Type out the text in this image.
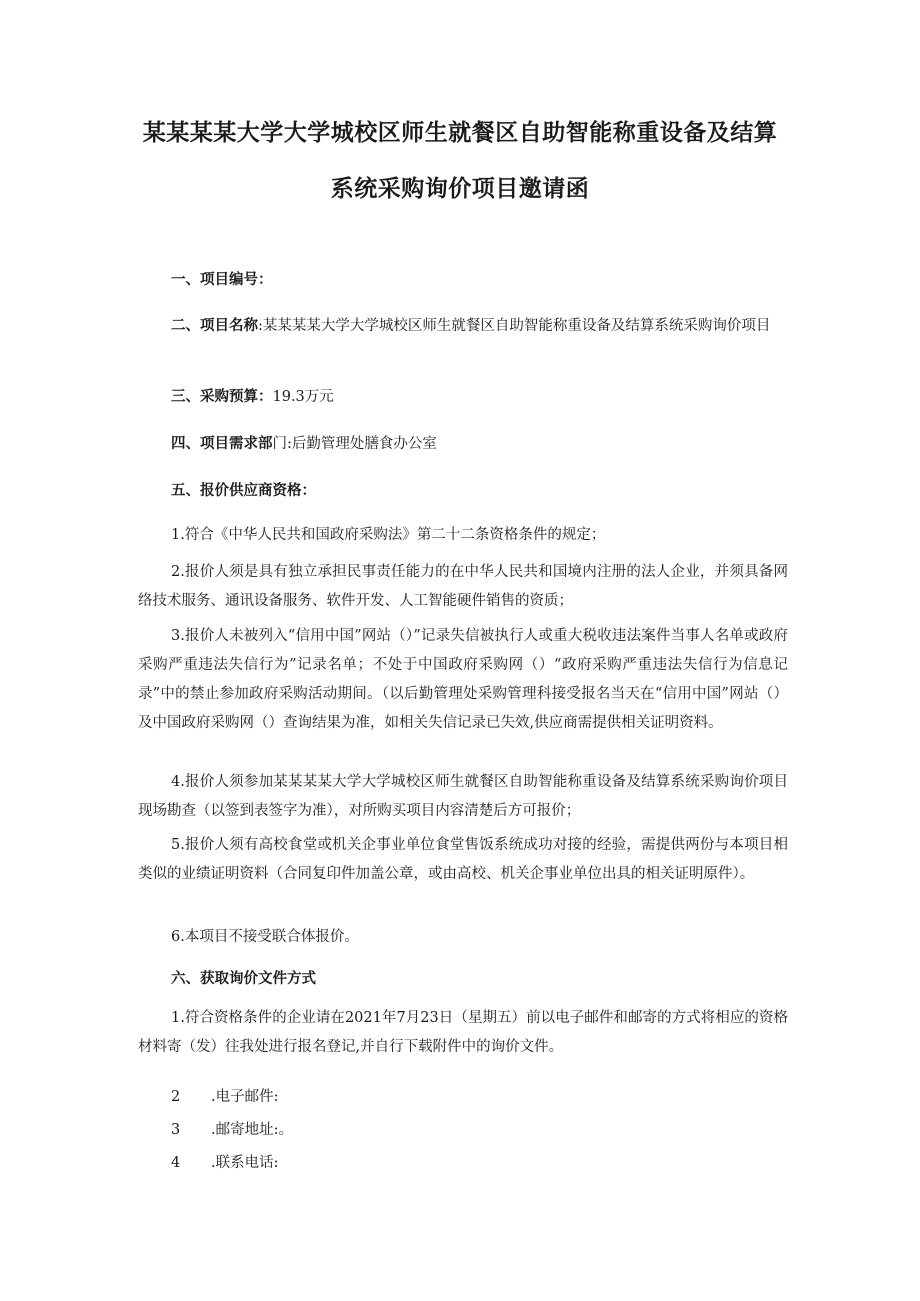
某某某某大学大学城校区师生就餐区自助智能称重设备及结算
系统采购询价项目邀请函
一、项目编号：
二、项目名称:某某某某大学大学城校区师生就餐区自助智能称重设备及结算系统采购询价项目
三、采购预算：19.3万元
四、项目需求部门:后勤管理处膳食办公室
五、报价供应商资格：
1.符合《中华人民共和国政府采购法》第二十二条资格条件的规定；
2.报价人须是具有独立承担民事责任能力的在中华人民共和国境内注册的法人企业，并须具备网络技术服务、通讯设备服务、软件开发、人工智能硬件销售的资质；
3.报价人未被列入“信用中国”网站（）”记录失信被执行人或重大税收违法案件当事人名单或政府采购严重违法失信行为”记录名单；不处于中国政府采购网（）“政府采购严重违法失信行为信息记录”中的禁止参加政府采购活动期间。（以后勤管理处采购管理科接受报名当天在“信用中国”网站（）及中国政府采购网（）查询结果为准，如相关失信记录已失效,供应商需提供相关证明资料。
4.报价人须参加某某某某大学大学城校区师生就餐区自助智能称重设备及结算系统采购询价项目现场勘查（以签到表签字为准），对所购买项目内容清楚后方可报价；
5.报价人须有高校食堂或机关企事业单位食堂售饭系统成功对接的经验，需提供两份与本项目相类似的业绩证明资料（合同复印件加盖公章，或由高校、机关企事业单位出具的相关证明原件）。
6.本项目不接受联合体报价。
六、获取询价文件方式
1.符合资格条件的企业请在2021年7月23日（星期五）前以电子邮件和邮寄的方式将相应的资格材料寄（发）往我处进行报名登记,并自行下载附件中的询价文件。
2 .电子邮件:
3 .邮寄地址:。
4 .联系电话:
